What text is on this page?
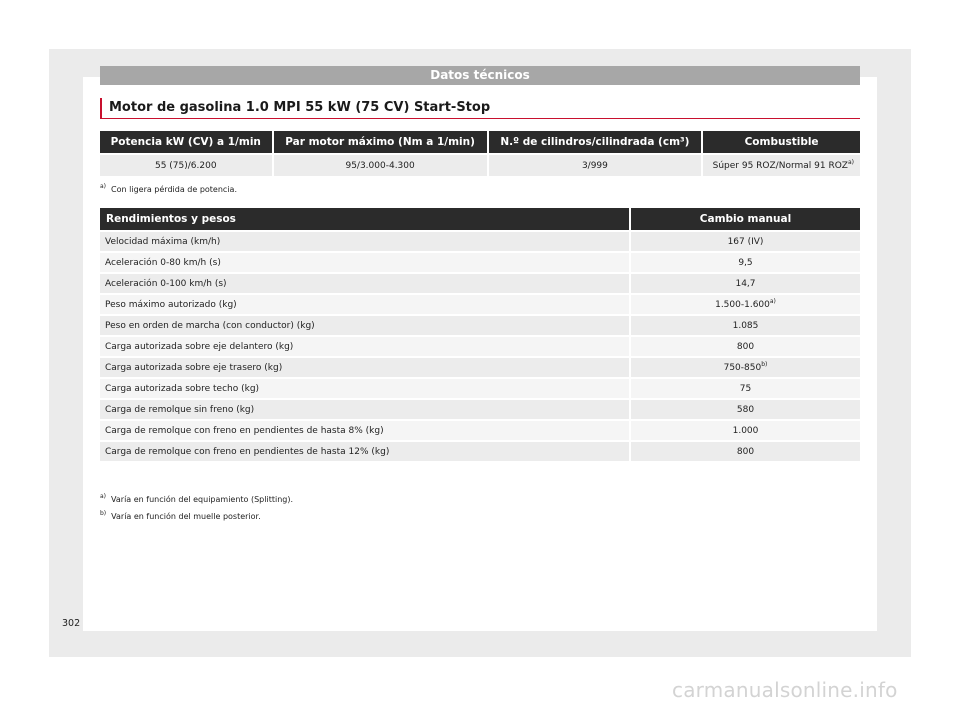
Datos técnicos
Motor de gasolina 1.0 MPI 55 kW (75 CV) Start-Stop
Potencia kW (CV) a 1/min	Par motor máximo (Nm a 1/min)	N.º de cilindros/cilindrada (cm³)	Combustible
55 (75)/6.200	95/3.000-4.300	3/999	Súper 95 ROZ/Normal 91 ROZ$^{a)}$
$^{a)}$ Con ligera pérdida de potencia.
Rendimientos y pesos	Cambio manual
Velocidad máxima (km/h)	167 (IV)
Aceleración 0-80 km/h (s)	9,5
Aceleración 0-100 km/h (s)	14,7
Peso máximo autorizado (kg)	1.500-1.600$^{a)}$
Peso en orden de marcha (con conductor) (kg)	1.085
Carga autorizada sobre eje delantero (kg)	800
Carga autorizada sobre eje trasero (kg)	750-850$^{b)}$
Carga autorizada sobre techo (kg)	75
Carga de remolque sin freno (kg)	580
Carga de remolque con freno en pendientes de hasta 8% (kg)	1.000
Carga de remolque con freno en pendientes de hasta 12% (kg)	800
$^{a)}$ Varía en función del equipamiento (Splitting).
$^{b)}$ Varía en función del muelle posterior.
302
carmanualsonline.info
